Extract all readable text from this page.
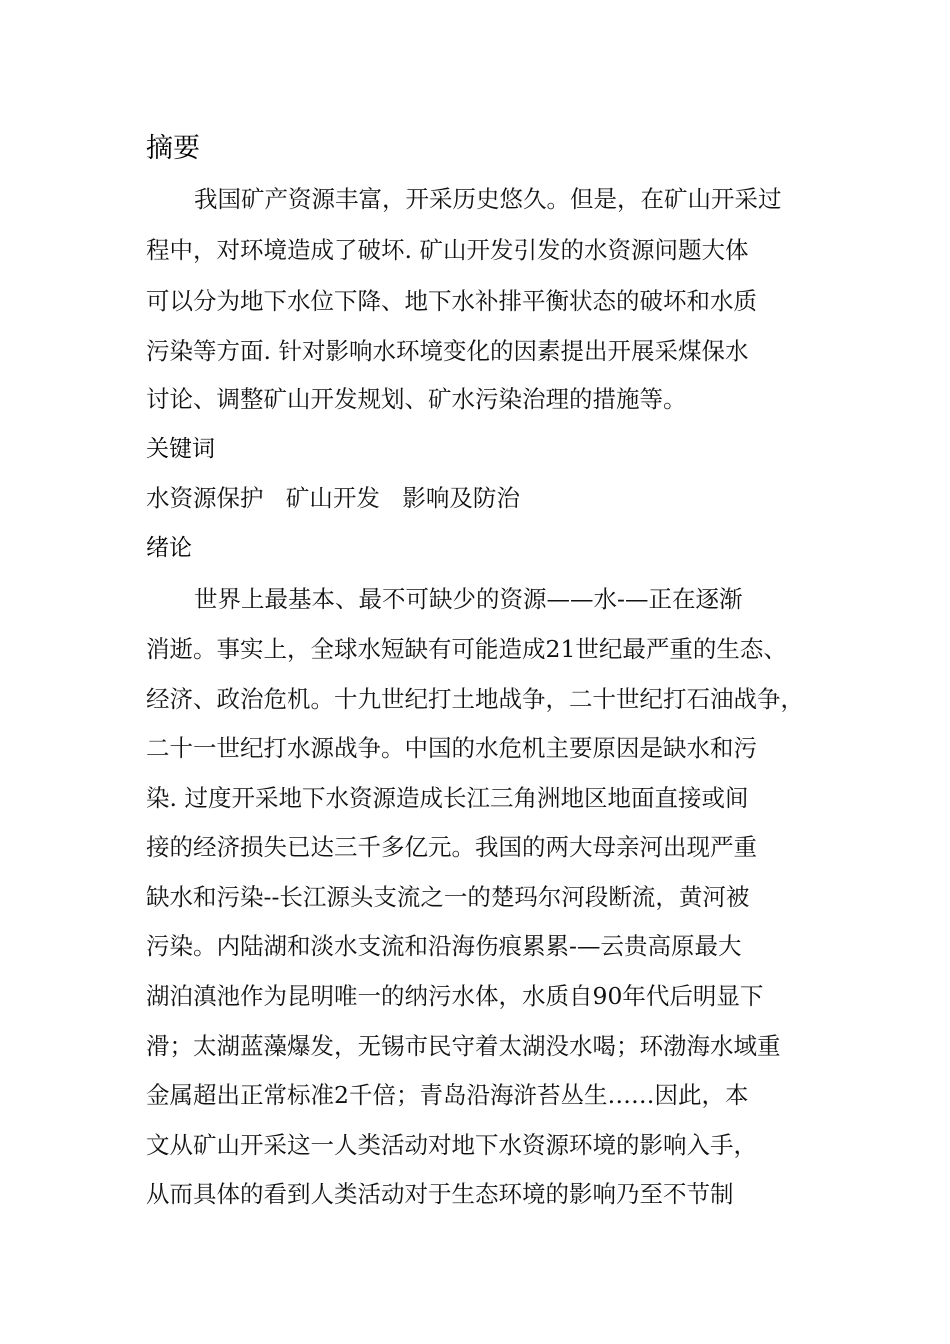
摘要
我国矿产资源丰富，开采历史悠久。但是，在矿山开采过
程中，对环境造成了破坏. 矿山开发引发的水资源问题大体
可以分为地下水位下降、地下水补排平衡状态的破坏和水质
污染等方面. 针对影响水环境变化的因素提出开展采煤保水
讨论、调整矿山开发规划、矿水污染治理的措施等。
关键词
水资源保护   矿山开发   影响及防治
绪论
世界上最基本、最不可缺少的资源——水-—正在逐渐
消逝。事实上，全球水短缺有可能造成21世纪最严重的生态、
经济、政治危机。十九世纪打土地战争，二十世纪打石油战争，
二十一世纪打水源战争。中国的水危机主要原因是缺水和污
染. 过度开采地下水资源造成长江三角洲地区地面直接或间
接的经济损失已达三千多亿元。我国的两大母亲河出现严重
缺水和污染--长江源头支流之一的楚玛尔河段断流，黄河被
污染。内陆湖和淡水支流和沿海伤痕累累-—云贵高原最大
湖泊滇池作为昆明唯一的纳污水体，水质自90年代后明显下
滑；太湖蓝藻爆发，无锡市民守着太湖没水喝；环渤海水域重
金属超出正常标准2千倍；青岛沿海浒苔丛生……因此，本
文从矿山开采这一人类活动对地下水资源环境的影响入手，
从而具体的看到人类活动对于生态环境的影响乃至不节制
